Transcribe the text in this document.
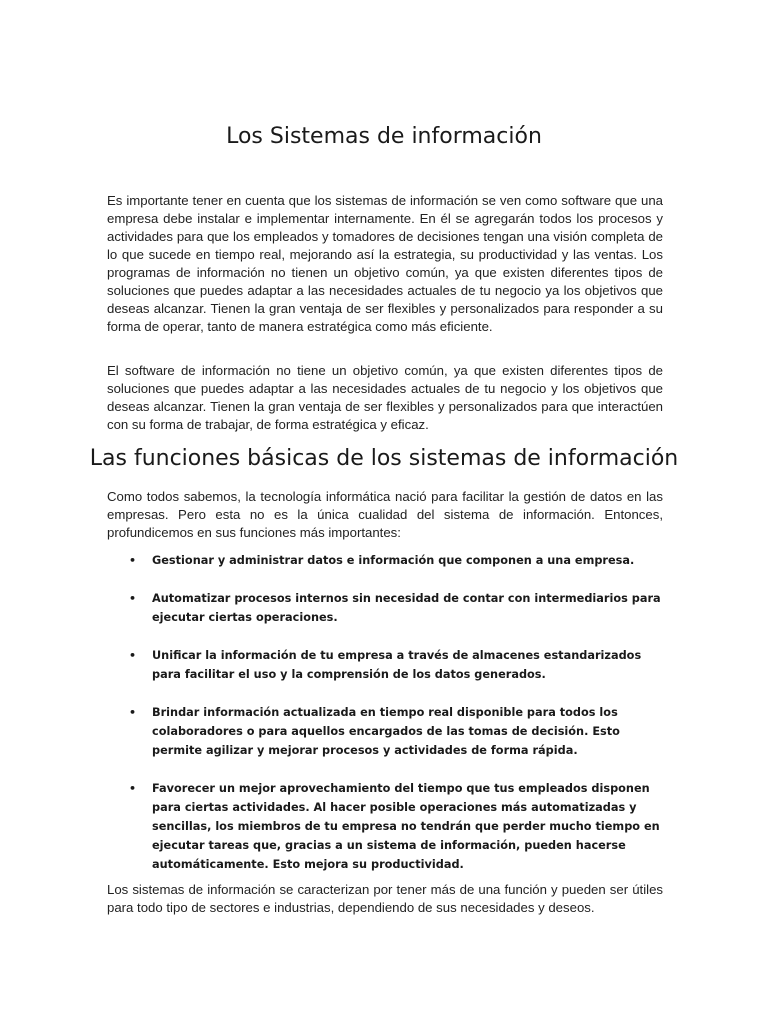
Los Sistemas de información

Es importante tener en cuenta que los sistemas de información se ven como software que una empresa debe instalar e implementar internamente. En él se agregarán todos los procesos y actividades para que los empleados y tomadores de decisiones tengan una visión completa de lo que sucede en tiempo real, mejorando así la estrategia, su productividad y las ventas. Los programas de información no tienen un objetivo común, ya que existen diferentes tipos de soluciones que puedes adaptar a las necesidades actuales de tu negocio ya los objetivos que deseas alcanzar. Tienen la gran ventaja de ser flexibles y personalizados para responder a su forma de operar, tanto de manera estratégica como más eficiente.

El software de información no tiene un objetivo común, ya que existen diferentes tipos de soluciones que puedes adaptar a las necesidades actuales de tu negocio y los objetivos que deseas alcanzar. Tienen la gran ventaja de ser flexibles y personalizados para que interactúen con su forma de trabajar, de forma estratégica y eficaz.

Las funciones básicas de los sistemas de información

Como todos sabemos, la tecnología informática nació para facilitar la gestión de datos en las empresas. Pero esta no es la única cualidad del sistema de información. Entonces, profundicemos en sus funciones más importantes:

• Gestionar y administrar datos e información que componen a una empresa.
• Automatizar procesos internos sin necesidad de contar con intermediarios para ejecutar ciertas operaciones.
• Unificar la información de tu empresa a través de almacenes estandarizados para facilitar el uso y la comprensión de los datos generados.
• Brindar información actualizada en tiempo real disponible para todos los colaboradores o para aquellos encargados de las tomas de decisión. Esto permite agilizar y mejorar procesos y actividades de forma rápida.
• Favorecer un mejor aprovechamiento del tiempo que tus empleados disponen para ciertas actividades. Al hacer posible operaciones más automatizadas y sencillas, los miembros de tu empresa no tendrán que perder mucho tiempo en ejecutar tareas que, gracias a un sistema de información, pueden hacerse automáticamente. Esto mejora su productividad.

Los sistemas de información se caracterizan por tener más de una función y pueden ser útiles para todo tipo de sectores e industrias, dependiendo de sus necesidades y deseos.
